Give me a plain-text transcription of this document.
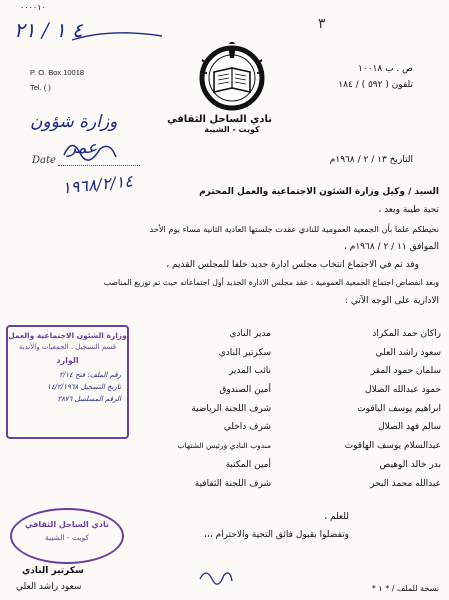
٠٠٠٠١٠
٤ ١ / ٢١	٣
P. O. Box 10018
Tel. ( )
ص . ب ١٠٠١٨
تلفون ( ٥٩٢ ) / ١٨٤
نادي الساحل الثقافي
كويت - الشيبة
وزارة شؤون
عمر
Date
١٩٦٨/٢/١٤
التاريخ ١٣ / ٢ / ١٩٦٨م
السيد / وكيل وزارة الشئون الاجتماعية والعمل المحترم
تحية طيبة وبعد ،
نحيطكم علما بأن الجمعية العمومية للنادي عقدت جلستها العادية الثانية مساء يوم الأحد
الموافق ١١ / ٢ / ١٩٦٨م ،
وقد تم في الاجتماع انتخاب مجلس ادارة جديد خلفا للمجلس القديم ،
وبعد انفضاض اجتماع الجمعية العمومية ، عقد مجلس الادارة الجديد أول اجتماعاته حيث تم توزيع المناصب
الادارية على الوجه الآتي :
راكان حمد المكراد
سعود راشد العلي
سلمان حمود المقر
حمود عبدالله الصلال
ابراهيم يوسف الياقوت
سالم فهد الصلال
عبدالسلام يوسف الهاقوت
بدر خالد الوهيص
عبدالله محمد البحر
مدير النادي
سكرتير النادي
نائب المدير
أمين الصندوق
شرف اللجنة الرياضية
شرف داخلي
مندوب النادي ورئيس الشتهاب
أمين المكتبة
شرف اللجنة الثقافية
وزارة الشئون الاجتماعية والعمل
قسم التسجيل . الجمعيات والأندية
الوارد
رقم الملف: فتح ٢/١٤
تاريخ التسجيل ١٤/٢/١٩٦٨
الرقم المسلسل ٢٨٧٦
للعلم ،
وتفضلوا بقبول فائق التحية والاحترام ،،،
نادي الساحل الثقافي
كويت - الشيبة
سكرتير النادي
سعود راشد العلي	نسخة للملف / * ١ *
